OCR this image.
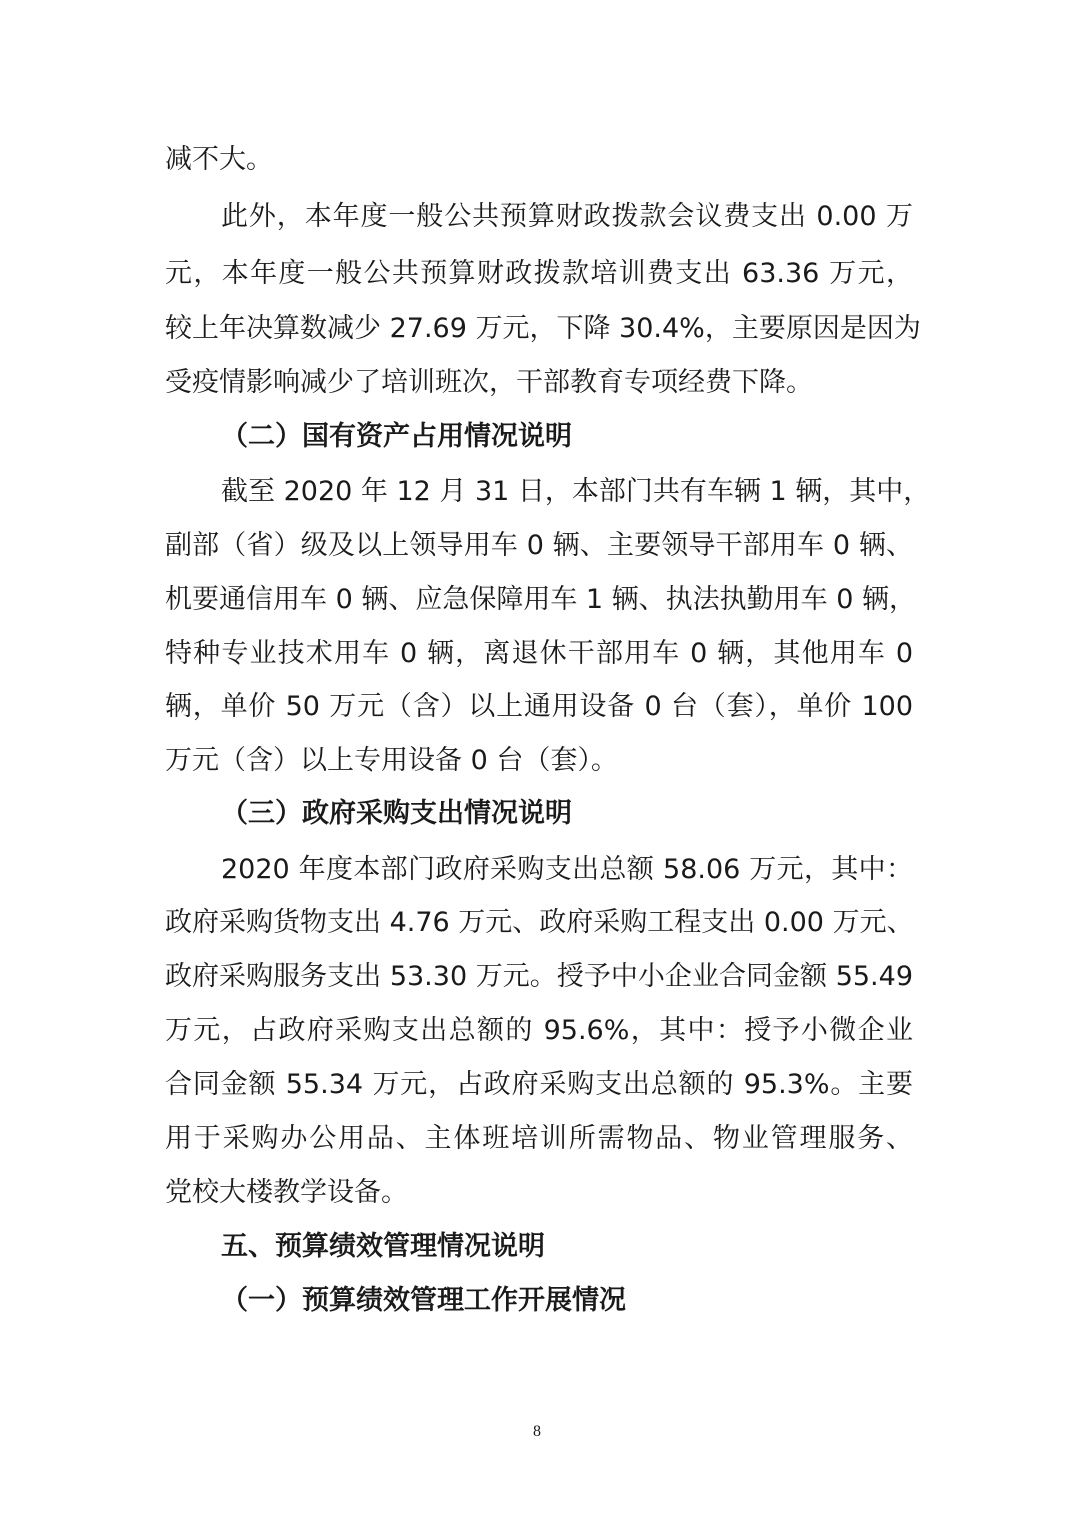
减不大。
此外，本年度一般公共预算财政拨款会议费支出 0.00 万
元，本年度一般公共预算财政拨款培训费支出 63.36 万元，
较上年决算数减少 27.69 万元，下降 30.4%，主要原因是因为
受疫情影响减少了培训班次，干部教育专项经费下降。
（二）国有资产占用情况说明
截至 2020 年 12 月 31 日，本部门共有车辆 1 辆，其中，
副部（省）级及以上领导用车 0 辆、主要领导干部用车 0 辆、
机要通信用车 0 辆、应急保障用车 1 辆、执法执勤用车 0 辆，
特种专业技术用车 0 辆，离退休干部用车 0 辆，其他用车 0
辆，单价 50 万元（含）以上通用设备 0 台（套），单价 100
万元（含）以上专用设备 0 台（套）。
（三）政府采购支出情况说明
2020 年度本部门政府采购支出总额 58.06 万元，其中：
政府采购货物支出 4.76 万元、政府采购工程支出 0.00 万元、
政府采购服务支出 53.30 万元。授予中小企业合同金额 55.49
万元，占政府采购支出总额的 95.6%，其中：授予小微企业
合同金额 55.34 万元，占政府采购支出总额的 95.3%。主要
用于采购办公用品、主体班培训所需物品、物业管理服务、
党校大楼教学设备。
五、预算绩效管理情况说明
（一）预算绩效管理工作开展情况
8
